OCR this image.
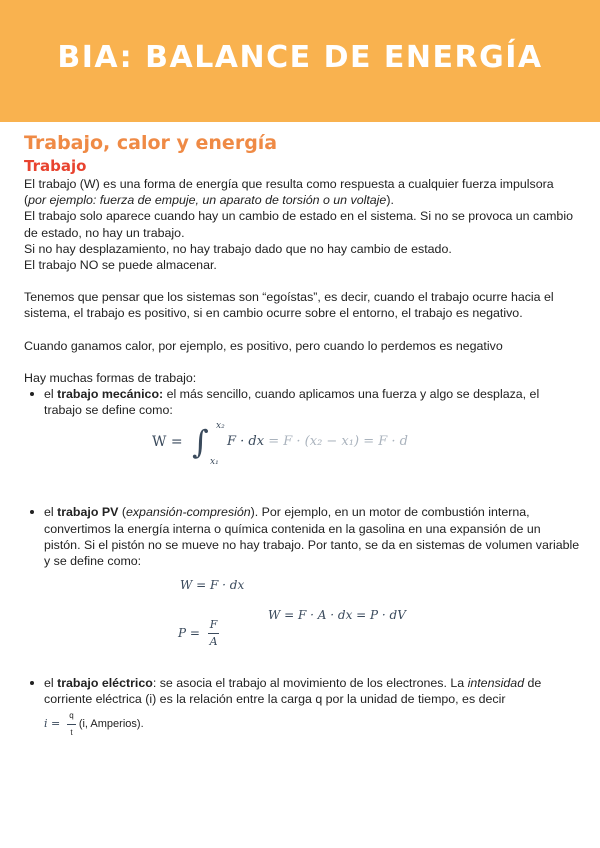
BIA: BALANCE DE ENERGÍA

Trabajo, calor y energía

Trabajo

El trabajo (W) es una forma de energía que resulta como respuesta a cualquier fuerza impulsora
(por ejemplo: fuerza de empuje, un aparato de torsión o un voltaje).

El trabajo solo aparece cuando hay un cambio de estado en el sistema. Si no se provoca un cambio de estado, no hay un trabajo.

Si no hay desplazamiento, no hay trabajo dado que no hay cambio de estado.

El trabajo NO se puede almacenar.

Tenemos que pensar que los sistemas son “egoístas”, es decir, cuando el trabajo ocurre hacia el sistema, el trabajo es positivo, si en cambio ocurre sobre el entorno, el trabajo es negativo.

Cuando ganamos calor, por ejemplo, es positivo, pero cuando lo perdemos es negativo

Hay muchas formas de trabajo:

el trabajo mecánico: el más sencillo, cuando aplicamos una fuerza y algo se desplaza, el trabajo se define como:
W = ∫ x₂
x₁
F · dx = F · (x₂ − x₁) = F · d
el trabajo PV (expansión-compresión). Por ejemplo, en un motor de combustión interna, convertimos la energía interna o química contenida en la gasolina en una expansión de un pistón. Si el pistón no se mueve no hay trabajo. Por tanto, se da en sistemas de volumen variable y se define como:
W = F · dx
W = F · A · dx = P · dV
$P = \frac{F}{A}$
el trabajo eléctrico: se asocia el trabajo al movimiento de los electrones. La intensidad de corriente eléctrica (i) es la relación entre la carga q por la unidad de tiempo, es decir
$i = \frac{q}{t} (i$, Amperios).
